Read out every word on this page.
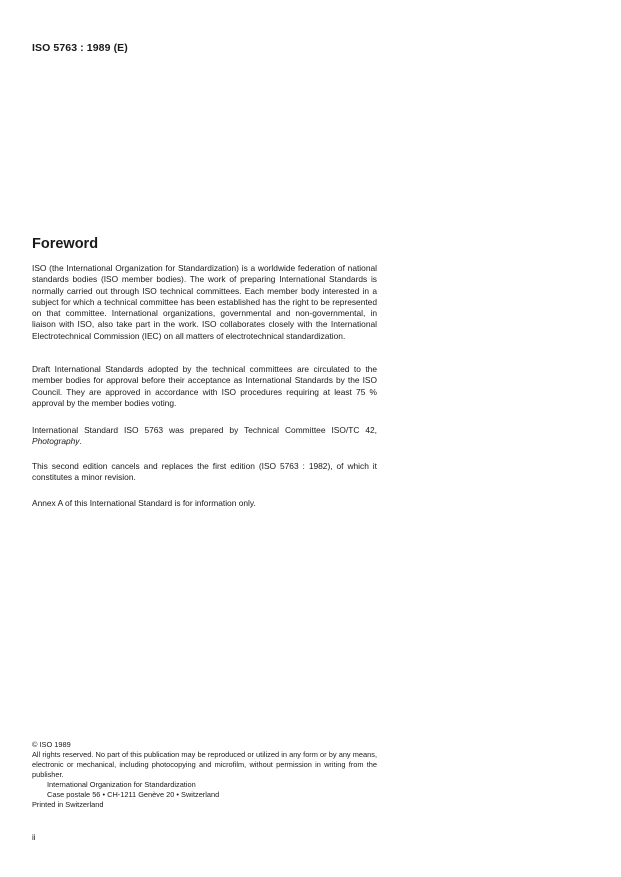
ISO 5763 : 1989 (E)
Foreword

ISO (the International Organization for Standardization) is a worldwide federation of national standards bodies (ISO member bodies). The work of preparing International Standards is normally carried out through ISO technical committees. Each member body interested in a subject for which a technical committee has been established has the right to be represented on that committee. International organizations, governmental and non-governmental, in liaison with ISO, also take part in the work. ISO collaborates closely with the International Electrotechnical Commission (IEC) on all matters of electrotechnical standardization.

Draft International Standards adopted by the technical committees are circulated to the member bodies for approval before their acceptance as International Standards by the ISO Council. They are approved in accordance with ISO procedures requiring at least 75 % approval by the member bodies voting.

International Standard ISO 5763 was prepared by Technical Committee ISO/TC 42, Photography.

This second edition cancels and replaces the first edition (ISO 5763 : 1982), of which it constitutes a minor revision.

Annex A of this International Standard is for information only.

© ISO 1989
All rights reserved. No part of this publication may be reproduced or utilized in any form or by any means, electronic or mechanical, including photocopying and microfilm, without permission in writing from the publisher.
International Organization for Standardization
Case postale 56 • CH-1211 Genève 20 • Switzerland
Printed in Switzerland
ii
